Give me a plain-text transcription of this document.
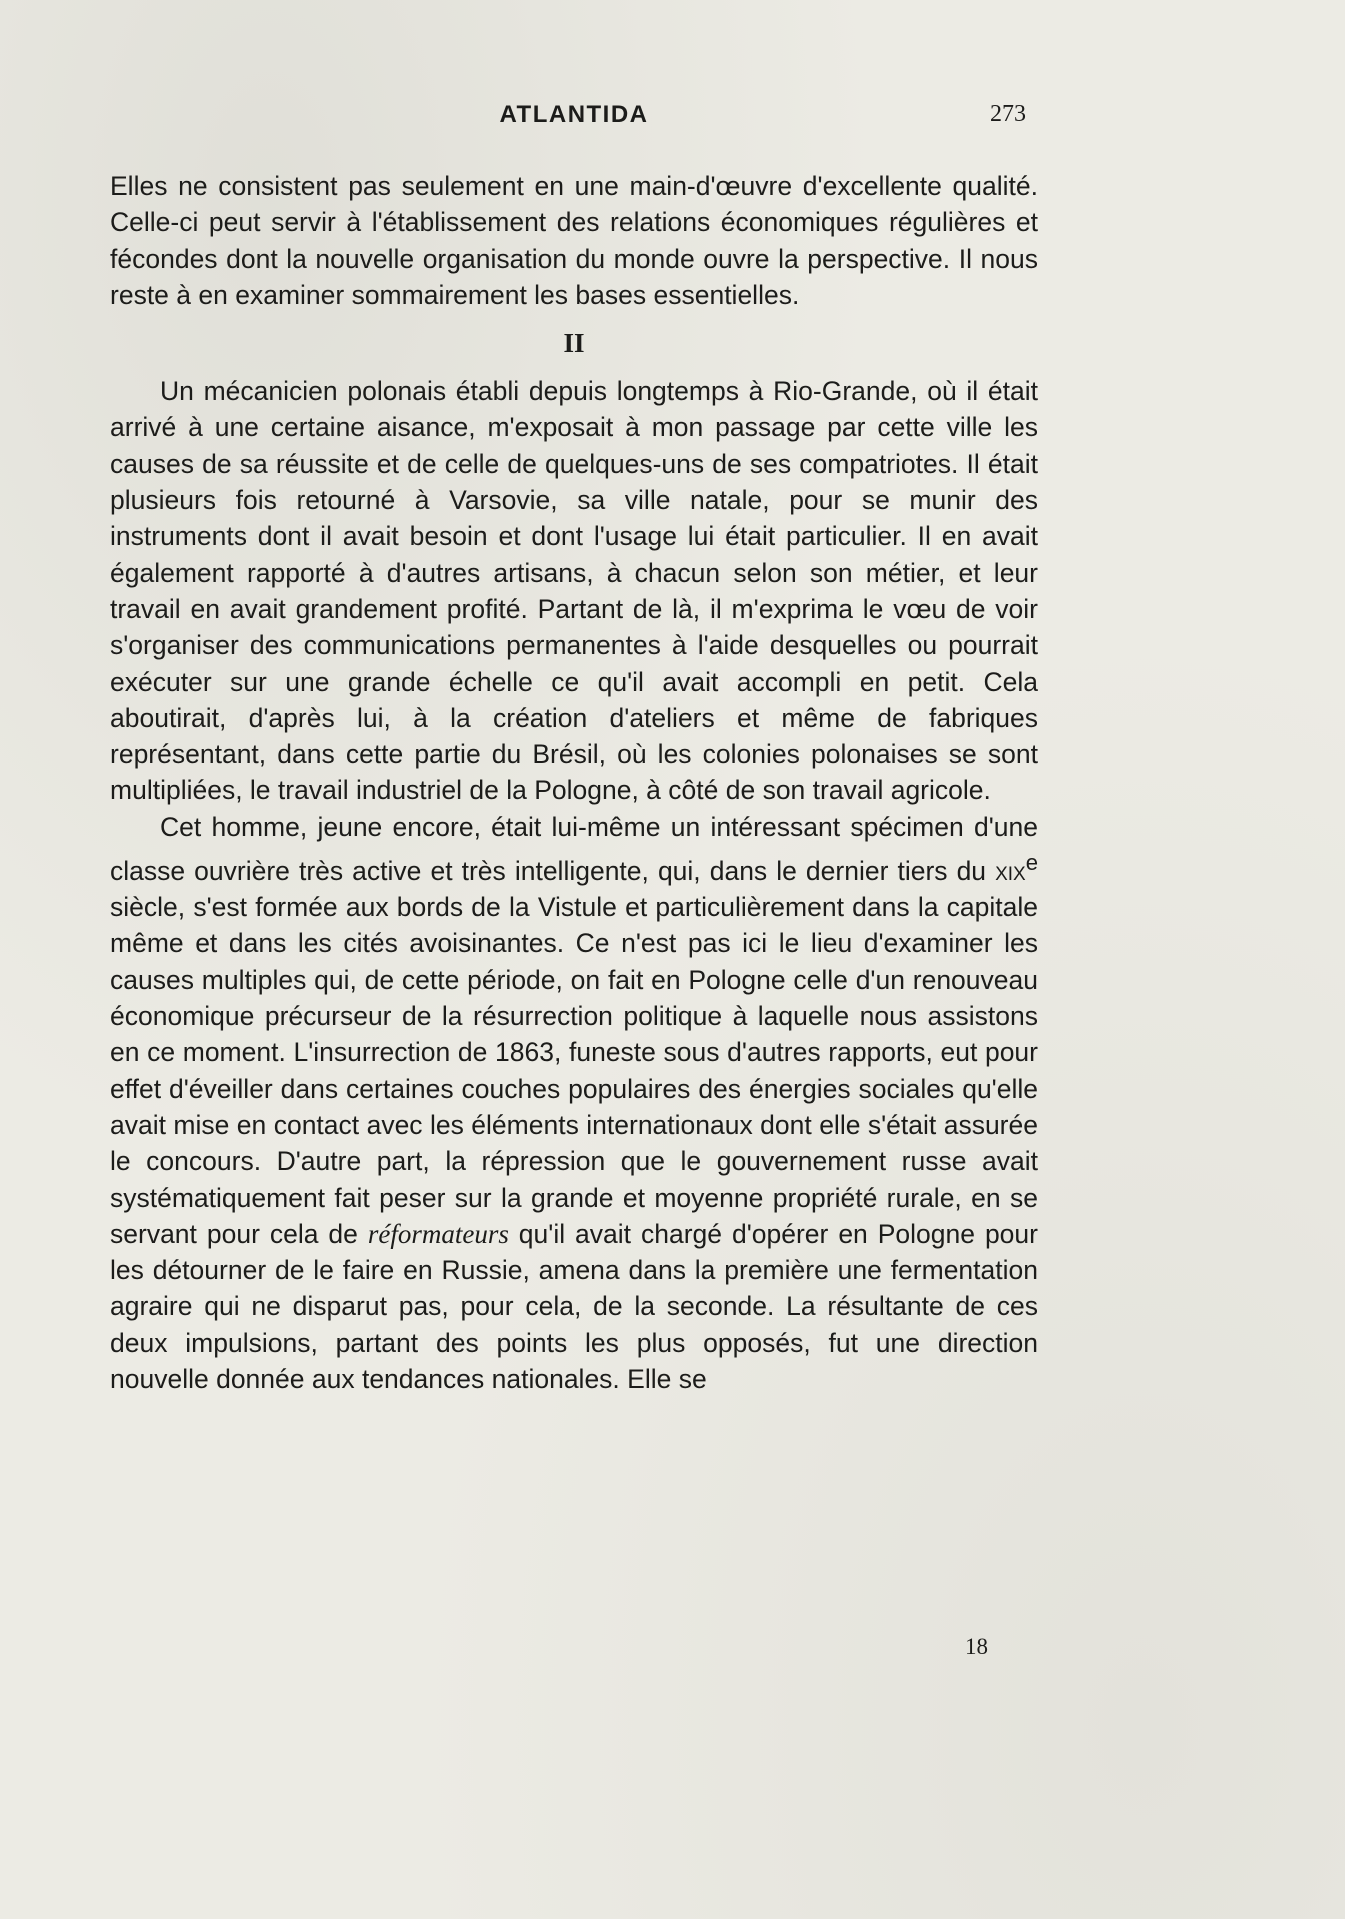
ATLANTIDA	273

Elles ne consistent pas seulement en une main-d'œuvre d'excellente qualité. Celle-ci peut servir à l'établissement des relations économiques régulières et fécondes dont la nouvelle organisation du monde ouvre la perspective. Il nous reste à en examiner sommairement les bases essentielles.

II

Un mécanicien polonais établi depuis longtemps à Rio-Grande, où il était arrivé à une certaine aisance, m'exposait à mon passage par cette ville les causes de sa réussite et de celle de quelques-uns de ses compatriotes. Il était plusieurs fois retourné à Varsovie, sa ville natale, pour se munir des instruments dont il avait besoin et dont l'usage lui était particulier. Il en avait également rapporté à d'autres artisans, à chacun selon son métier, et leur travail en avait grandement profité. Partant de là, il m'exprima le vœu de voir s'organiser des communications permanentes à l'aide desquelles ou pourrait exécuter sur une grande échelle ce qu'il avait accompli en petit. Cela aboutirait, d'après lui, à la création d'ateliers et même de fabriques représentant, dans cette partie du Brésil, où les colonies polonaises se sont multipliées, le travail industriel de la Pologne, à côté de son travail agricole.

Cet homme, jeune encore, était lui-même un intéressant spécimen d'une classe ouvrière très active et très intelligente, qui, dans le dernier tiers du xix$^e$ siècle, s'est formée aux bords de la Vistule et particulièrement dans la capitale même et dans les cités avoisinantes. Ce n'est pas ici le lieu d'examiner les causes multiples qui, de cette période, on fait en Pologne celle d'un renouveau économique précurseur de la résurrection politique à laquelle nous assistons en ce moment. L'insurrection de 1863, funeste sous d'autres rapports, eut pour effet d'éveiller dans certaines couches populaires des énergies sociales qu'elle avait mise en contact avec les éléments internationaux dont elle s'était assurée le concours. D'autre part, la répression que le gouvernement russe avait systématiquement fait peser sur la grande et moyenne propriété rurale, en se servant pour cela de réformateurs qu'il avait chargé d'opérer en Pologne pour les détourner de le faire en Russie, amena dans la première une fermentation agraire qui ne disparut pas, pour cela, de la seconde. La résultante de ces deux impulsions, partant des points les plus opposés, fut une direction nouvelle donnée aux tendances nationales. Elle se

18
